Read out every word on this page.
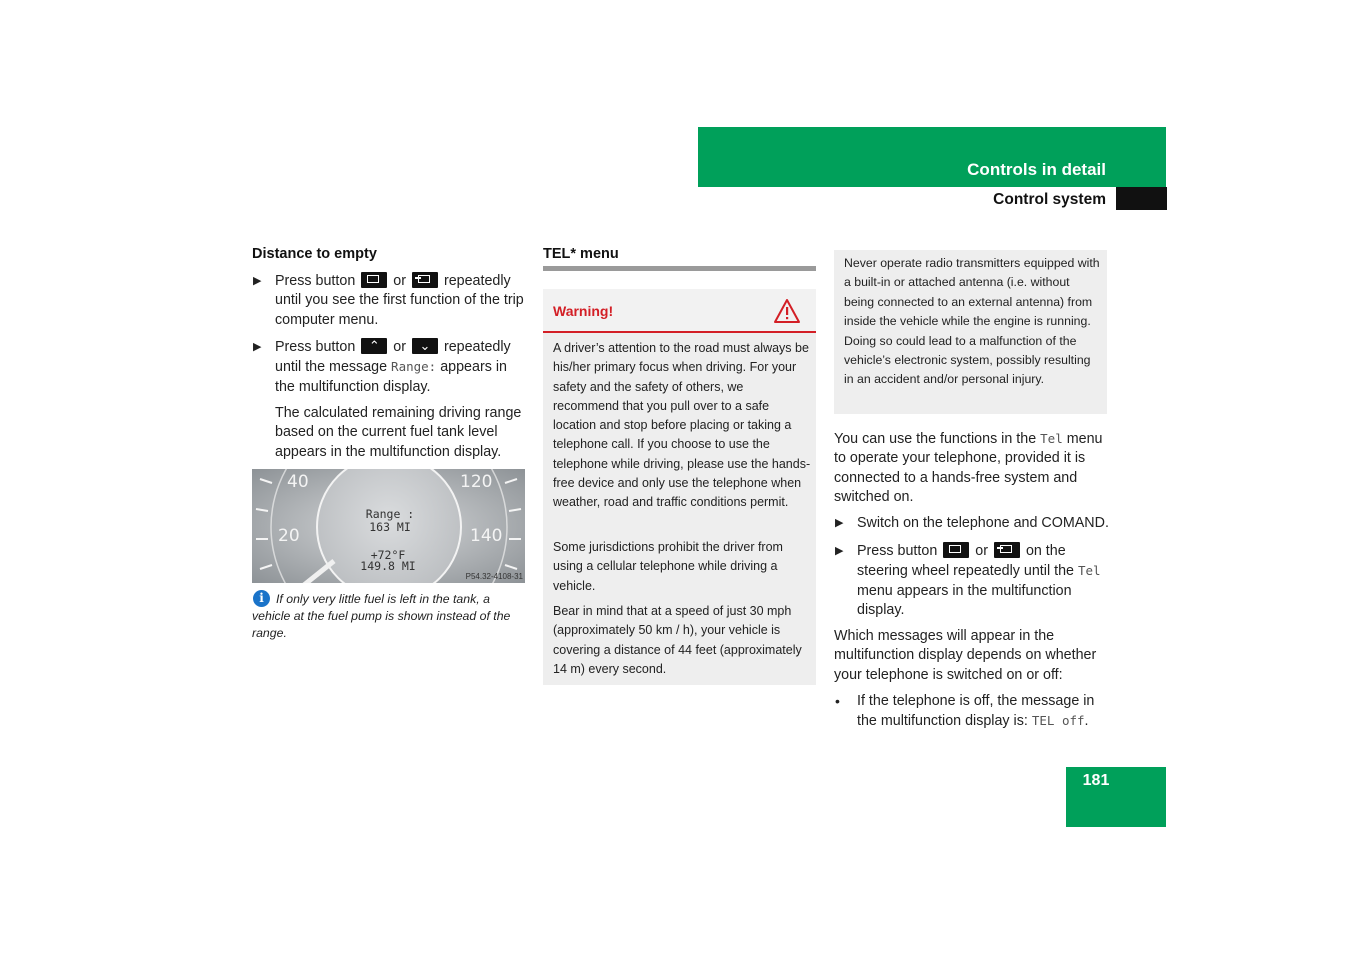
Controls in detail
Control system
Distance to empty
▶ Press button	or	repeatedly until you see the first function of the trip computer menu.
▶ Press button	⌃ or	⌄ repeatedly until the message Range: appears in the multifunction display.
The calculated remaining driving range based on the current fuel tank level appears in the multifunction display.
40	120
20	140
Range :
163 MI
+72°F
149.8 MI
P54.32-4108-31
i If only very little fuel is left in the tank, a vehicle at the fuel pump is shown instead of the range.
TEL* menu
Warning!
A driver’s attention to the road must always be his/her primary focus when driving. For your safety and the safety of others, we recommend that you pull over to a safe location and stop before placing or taking a telephone call. If you choose to use the telephone while driving, please use the hands-free device and only use the telephone when weather, road and traffic conditions permit.
Some jurisdictions prohibit the driver from using a cellular telephone while driving a vehicle.
Bear in mind that at a speed of just 30 mph (approximately 50 km / h), your vehicle is covering a distance of 44 feet (approximately 14 m) every second.
Never operate radio transmitters equipped with a built-in or attached antenna (i.e. without being connected to an external antenna) from inside the vehicle while the engine is running. Doing so could lead to a malfunction of the vehicle’s electronic system, possibly resulting in an accident and/or personal injury.
You can use the functions in the Tel menu to operate your telephone, provided it is connected to a hands-free system and switched on.
▶ Switch on the telephone and COMAND.
▶ Press button	or	on the steering wheel repeatedly until the Tel menu appears in the multifunction display.
Which messages will appear in the multifunction display depends on whether your telephone is switched on or off:
• If the telephone is off, the message in the multifunction display is: TEL off.
181
